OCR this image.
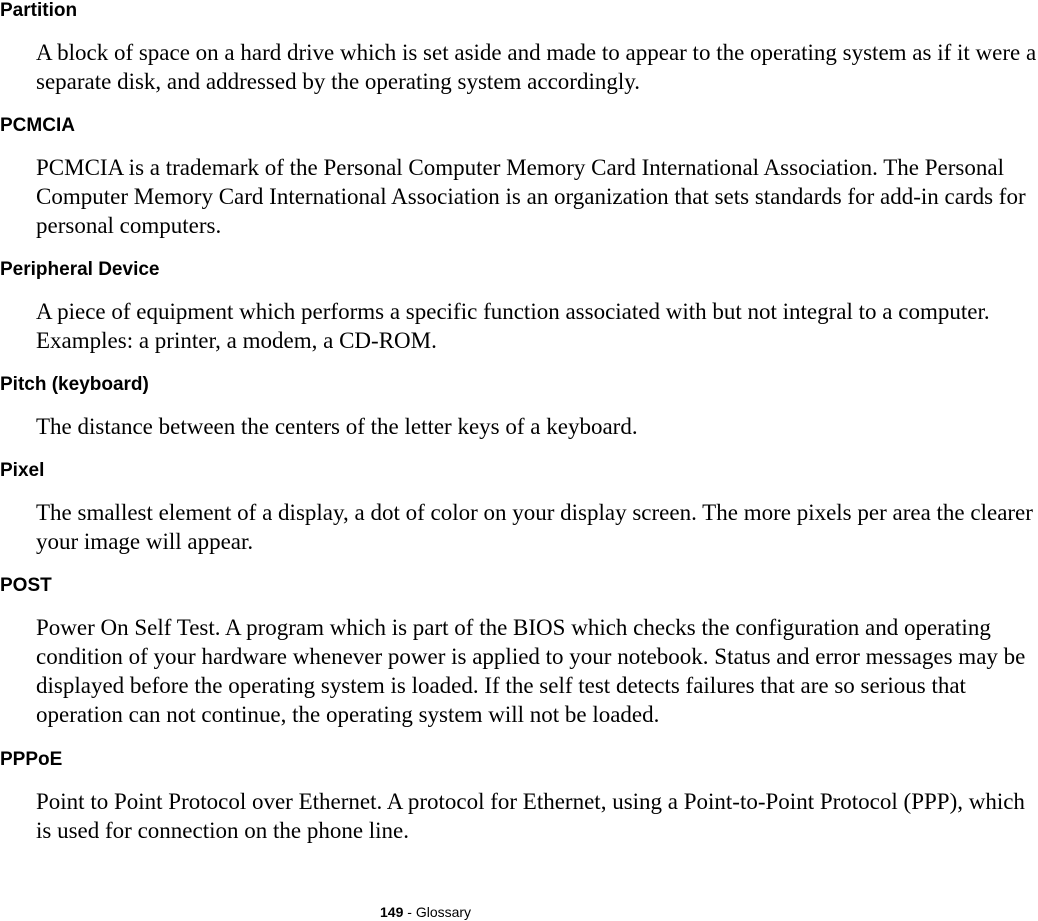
Partition

A block of space on a hard drive which is set aside and made to appear to the operating system as if it were a separate disk, and addressed by the operating system accordingly.

PCMCIA

PCMCIA is a trademark of the Personal Computer Memory Card International Association. The Personal Computer Memory Card International Association is an organization that sets standards for add-in cards for personal computers.

Peripheral Device

A piece of equipment which performs a specific function associated with but not integral to a computer. Examples: a printer, a modem, a CD-ROM.

Pitch (keyboard)

The distance between the centers of the letter keys of a keyboard.

Pixel

The smallest element of a display, a dot of color on your display screen. The more pixels per area the clearer your image will appear.

POST

Power On Self Test. A program which is part of the BIOS which checks the configuration and operating condition of your hardware whenever power is applied to your notebook. Status and error messages may be displayed before the operating system is loaded. If the self test detects failures that are so serious that operation can not continue, the operating system will not be loaded.

PPPoE

Point to Point Protocol over Ethernet. A protocol for Ethernet, using a Point-to-Point Protocol (PPP), which is used for connection on the phone line.

149 - Glossary
